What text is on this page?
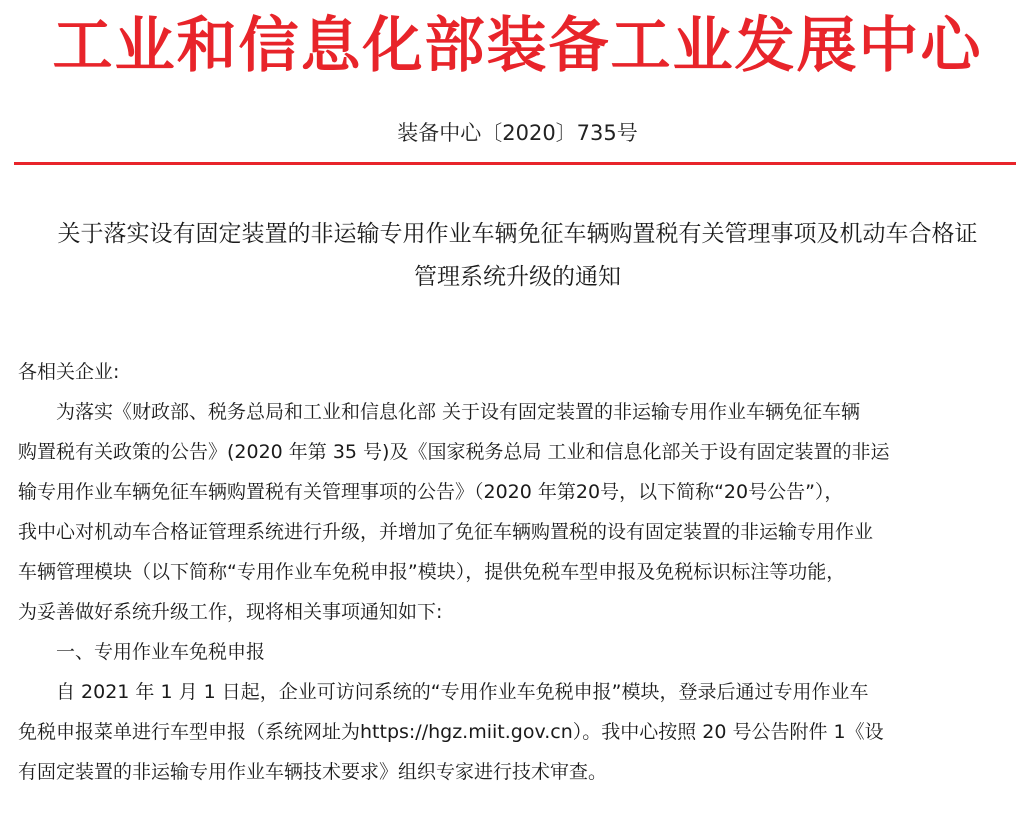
工业和信息化部装备工业发展中心
装备中心〔2020〕735号
关于落实设有固定装置的非运输专用作业车辆免征车辆购置税有关管理事项及机动车合格证
管理系统升级的通知
各相关企业:
为落实《财政部、税务总局和工业和信息化部 关于设有固定装置的非运输专用作业车辆免征车辆
购置税有关政策的公告》(2020 年第 35 号)及《国家税务总局 工业和信息化部关于设有固定装置的非运
输专用作业车辆免征车辆购置税有关管理事项的公告》（2020 年第20号，以下简称“20号公告”），
我中心对机动车合格证管理系统进行升级，并增加了免征车辆购置税的设有固定装置的非运输专用作业
车辆管理模块（以下简称“专用作业车免税申报”模块），提供免税车型申报及免税标识标注等功能，
为妥善做好系统升级工作，现将相关事项通知如下:
一、专用作业车免税申报
自 2021 年 1 月 1 日起，企业可访问系统的“专用作业车免税申报”模块，登录后通过专用作业车
免税申报菜单进行车型申报（系统网址为https://hgz.miit.gov.cn）。我中心按照 20 号公告附件 1《设
有固定装置的非运输专用作业车辆技术要求》组织专家进行技术审查。
